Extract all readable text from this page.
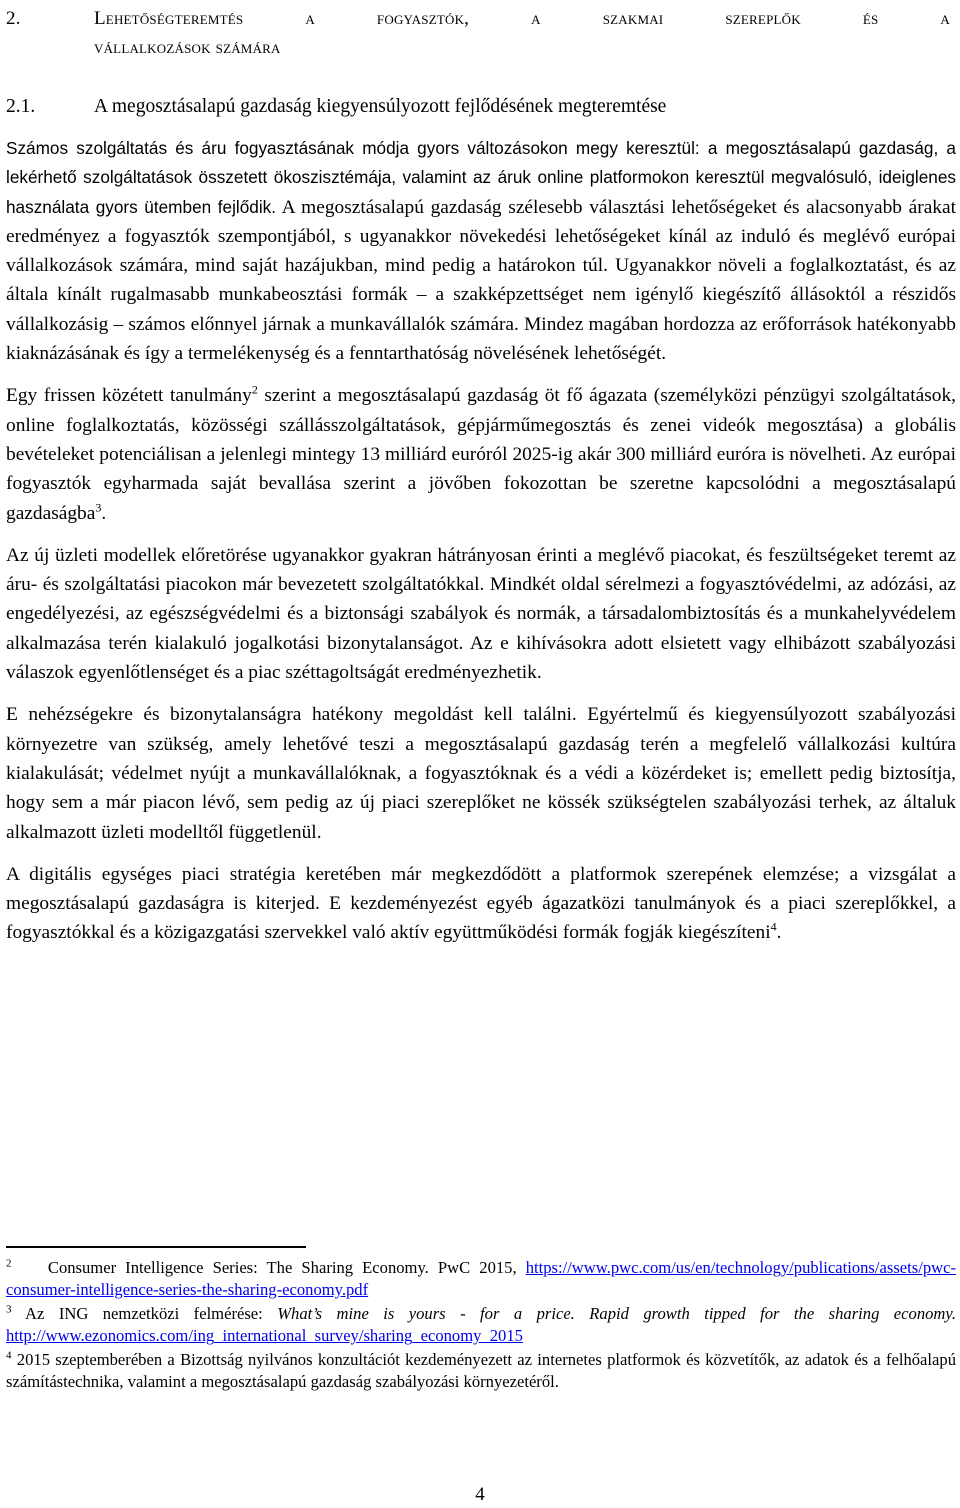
2.	Lehetőségteremtés a fogyasztók, a szakmai szereplők és a
vállalkozások számára
2.1.	A megosztásalapú gazdaság kiegyensúlyozott fejlődésének megteremtése

Számos szolgáltatás és áru fogyasztásának módja gyors változásokon megy keresztül: a megosztásalapú gazdaság, a lekérhető szolgáltatások összetett ökoszisztémája, valamint az áruk online platformokon keresztül megvalósuló, ideiglenes használata gyors ütemben fejlődik. A megosztásalapú gazdaság szélesebb választási lehetőségeket és alacsonyabb árakat eredményez a fogyasztók szempontjából, s ugyanakkor növekedési lehetőségeket kínál az induló és meglévő európai vállalkozások számára, mind saját hazájukban, mind pedig a határokon túl. Ugyanakkor növeli a foglalkoztatást, és az általa kínált rugalmasabb munkabeosztási formák – a szakképzettséget nem igénylő kiegészítő állásoktól a részidős vállalkozásig – számos előnnyel járnak a munkavállalók számára. Mindez magában hordozza az erőforrások hatékonyabb kiaknázásának és így a termelékenység és a fenntarthatóság növelésének lehetőségét.

Egy frissen közétett tanulmány$^2$ szerint a megosztásalapú gazdaság öt fő ágazata (személyközi pénzügyi szolgáltatások, online foglalkoztatás, közösségi szállásszolgáltatások, gépjárműmegosztás és zenei videók megosztása) a globális bevételeket potenciálisan a jelenlegi mintegy 13 milliárd euróról 2025-ig akár 300 milliárd euróra is növelheti. Az európai fogyasztók egyharmada saját bevallása szerint a jövőben fokozottan be szeretne kapcsolódni a megosztásalapú gazdaságba$^3$.

Az új üzleti modellek előretörése ugyanakkor gyakran hátrányosan érinti a meglévő piacokat, és feszültségeket teremt az áru- és szolgáltatási piacokon már bevezetett szolgáltatókkal. Mindkét oldal sérelmezi a fogyasztóvédelmi, az adózási, az engedélyezési, az egészségvédelmi és a biztonsági szabályok és normák, a társadalombiztosítás és a munkahelyvédelem alkalmazása terén kialakuló jogalkotási bizonytalanságot. Az e kihívásokra adott elsietett vagy elhibázott szabályozási válaszok egyenlőtlenséget és a piac széttagoltságát eredményezhetik.

E nehézségekre és bizonytalanságra hatékony megoldást kell találni. Egyértelmű és kiegyensúlyozott szabályozási környezetre van szükség, amely lehetővé teszi a megosztásalapú gazdaság terén a megfelelő vállalkozási kultúra kialakulását; védelmet nyújt a munkavállalóknak, a fogyasztóknak és a védi a közérdeket is; emellett pedig biztosítja, hogy sem a már piacon lévő, sem pedig az új piaci szereplőket ne kössék szükségtelen szabályozási terhek, az általuk alkalmazott üzleti modelltől függetlenül.

A digitális egységes piaci stratégia keretében már megkezdődött a platformok szerepének elemzése; a vizsgálat a megosztásalapú gazdaságra is kiterjed. E kezdeményezést egyéb ágazatközi tanulmányok és a piaci szereplőkkel, a fogyasztókkal és a közigazgatási szervekkel való aktív együttműködési formák fogják kiegészíteni$^4$.

$^2$ Consumer Intelligence Series: The Sharing Economy. PwC 2015, https://www.pwc.com/us/en/technology/publications/assets/pwc-consumer-intelligence-series-the-sharing-economy.pdf

$^3$ Az ING nemzetközi felmérése: What’s mine is yours - for a price. Rapid growth tipped for the sharing economy. http://www.ezonomics.com/ing_international_survey/sharing_economy_2015

$^4$ 2015 szeptemberében a Bizottság nyilvános konzultációt kezdeményezett az internetes platformok és közvetítők, az adatok és a felhőalapú számítástechnika, valamint a megosztásalapú gazdaság szabályozási környezetéről.

4
